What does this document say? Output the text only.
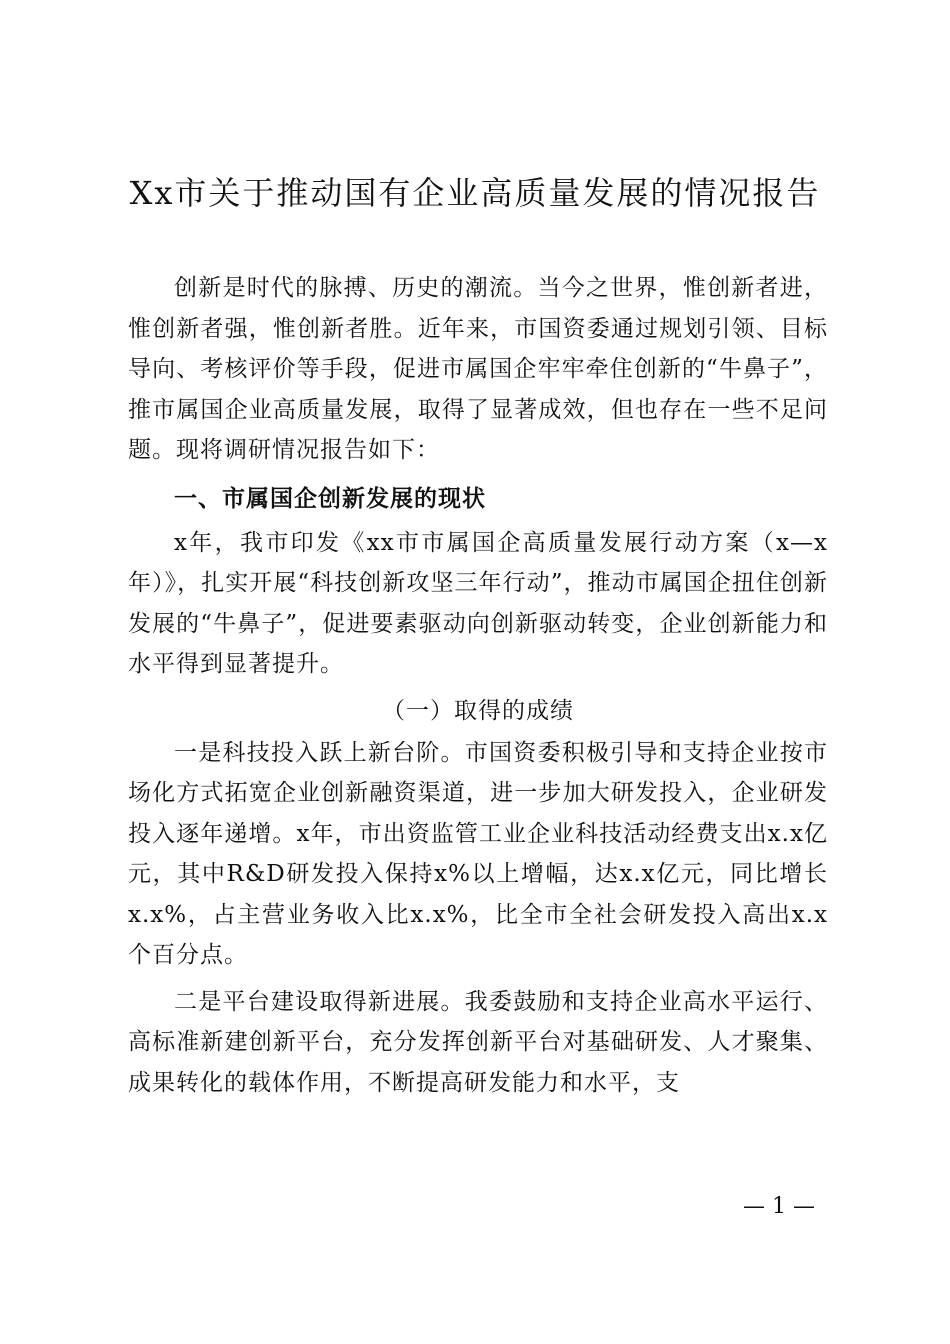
Xx市关于推动国有企业高质量发展的情况报告

创新是时代的脉搏、历史的潮流。当今之世界，惟创新者进，惟创新者强，惟创新者胜。近年来，市国资委通过规划引领、目标导向、考核评价等手段，促进市属国企牢牢牵住创新的“牛鼻子”，推市属国企业高质量发展，取得了显著成效，但也存在一些不足问题。现将调研情况报告如下：

一、市属国企创新发展的现状

x年，我市印发《xx市市属国企高质量发展行动方案（x—x年）》，扎实开展“科技创新攻坚三年行动”，推动市属国企扭住创新发展的“牛鼻子”，促进要素驱动向创新驱动转变，企业创新能力和水平得到显著提升。

（一）取得的成绩

一是科技投入跃上新台阶。市国资委积极引导和支持企业按市场化方式拓宽企业创新融资渠道，进一步加大研发投入，企业研发投入逐年递增。x年，市出资监管工业企业科技活动经费支出x.x亿元，其中R&D研发投入保持x%以上增幅，达x.x亿元，同比增长x.x%，占主营业务收入比x.x%，比全市全社会研发投入高出x.x个百分点。

二是平台建设取得新进展。我委鼓励和支持企业高水平运行、高标准新建创新平台，充分发挥创新平台对基础研发、人才聚集、成果转化的载体作用，不断提高研发能力和水平，支

— 1 —
